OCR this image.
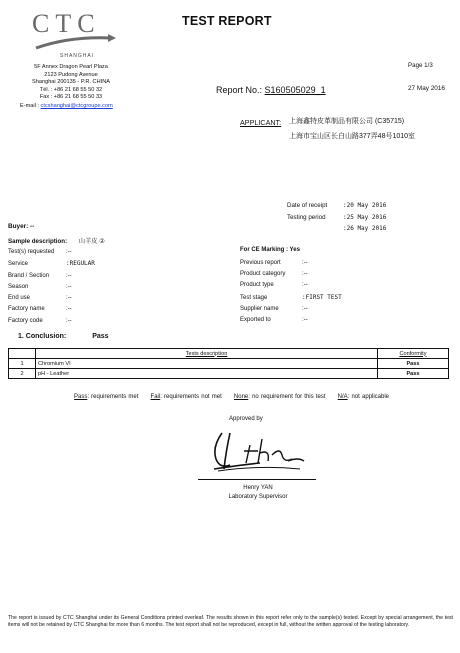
CTC
SHANGHAI
TEST REPORT
5F Annex Dragon Pearl Plaza
2123 Pudong Avenue
Shanghai 200135 - P.R. CHINA
Tél. : +86 21 68 55 50 32
Fax : +86 21 68 55 50 33
E-mail : ctcshanghai@ctcgroupe.com
Page 1/3
Report No.: S160505029_1	27 May 2016
APPLICANT: 上海鑫特皮革制品有限公司 (C35715)
上海市宝山区长白山路377弄48号1010室
Date of receipt	:20 May 2016
Testing period	:25 May 2016
:26 May 2016
Buyer: --
Sample description: 山羊皮 ②
Test(s) requested :--
Service	:REGULAR
Brand / Section	:--
Season	:--
End use	:--
Factory name	:--
Factory code	:--
For CE Marking : Yes
Previous report	:--
Product category	:--
Product type	:--
Test stage	:FIRST TEST
Supplier name	:--
Exported to	:--
1. Conclusion:	Pass
	Tests description	Conformity
1	Chromium VI	Pass
2	pH - Leather	Pass
Pass: requirements met Fail: requirements not met None: no requirement for this test N/A: not applicable
Approved by
Henry YAN
Laboratory Supervisor
The report is issued by CTC Shanghai under its General Conditions printed overleaf. The results shown in this report refer only to the sample(s) tested. Except by special arrangement, the test items will not be retained by CTC Shanghai for more than 6 months. The test report shall not be reproduced, except in full, without the written approval of the testing laboratory.
